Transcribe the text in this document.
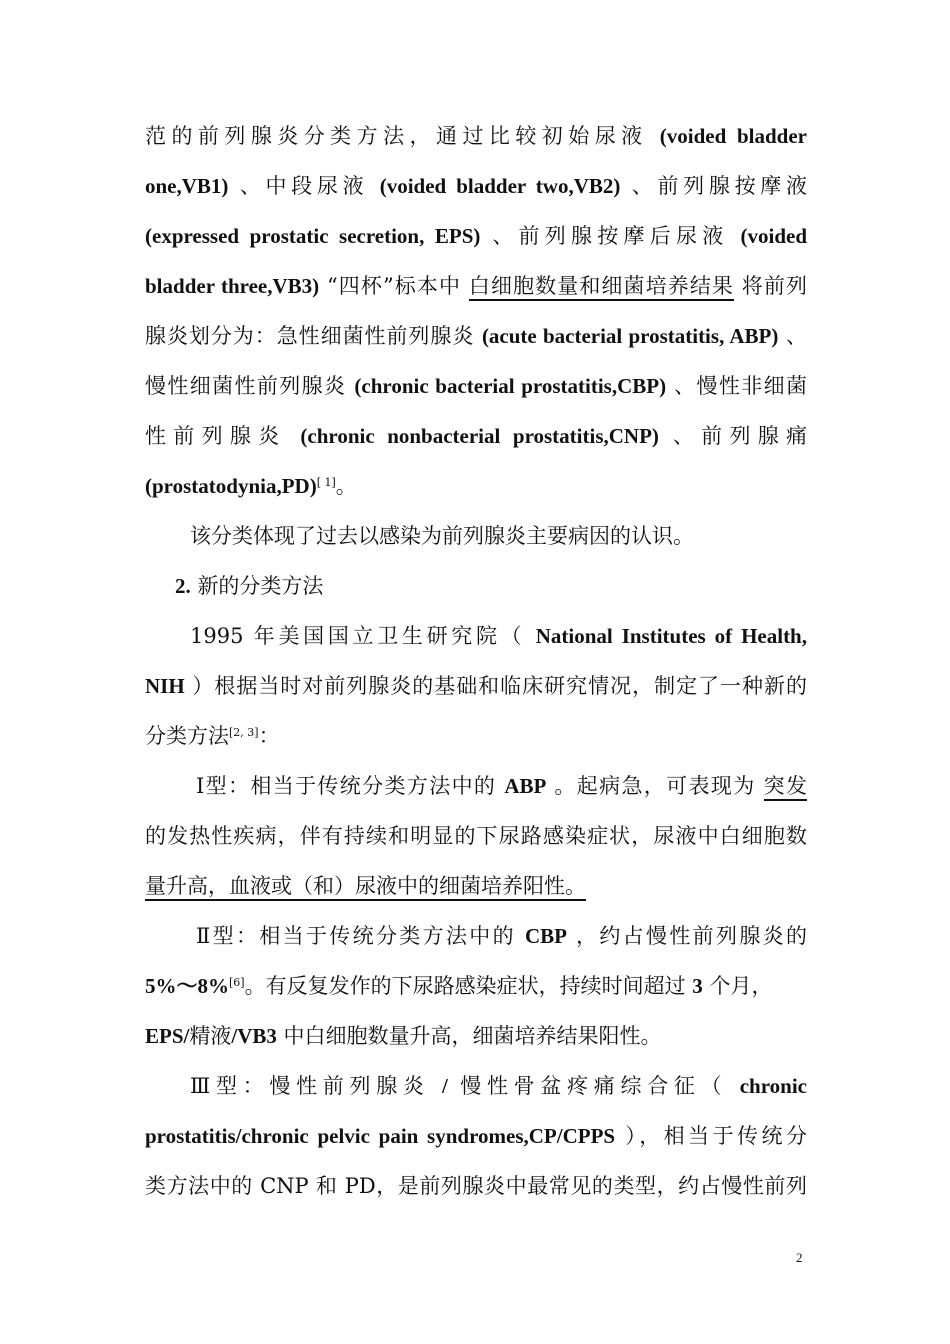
范的前列腺炎分类方法，通过比较初始尿液 (voided bladder
one,VB1) 、中段尿液 (voided bladder two,VB2) 、前列腺按摩液
(expressed prostatic secretion, EPS) 、前列腺按摩后尿液 (voided
bladder three,VB3) “四杯”标本中 白细胞数量和细菌培养结果 将前列
腺炎划分为：急性细菌性前列腺炎 (acute bacterial prostatitis, ABP) 、
慢性细菌性前列腺炎 (chronic bacterial prostatitis,CBP) 、慢性非细菌
性前列腺炎 (chronic nonbacterial prostatitis,CNP) 、前列腺痛
(prostatodynia,PD)[ 1]。
该分类体现了过去以感染为前列腺炎主要病因的认识。
2. 新的分类方法
1995 年美国国立卫生研究院（ National Institutes of Health,
NIH ）根据当时对前列腺炎的基础和临床研究情况，制定了一种新的
分类方法[2, 3]：
Ⅰ型：相当于传统分类方法中的 ABP 。起病急，可表现为 突发
的发热性疾病，伴有持续和明显的下尿路感染症状，尿液中白细胞数
量升高，血液或（和）尿液中的细菌培养阳性。
Ⅱ型：相当于传统分类方法中的 CBP ，约占慢性前列腺炎的
5%～8%[6]。有反复发作的下尿路感染症状，持续时间超过 3 个月，
EPS/精液/VB3 中白细胞数量升高，细菌培养结果阳性。
Ⅲ型：慢性前列腺炎 / 慢性骨盆疼痛综合征（ chronic
prostatitis/chronic pelvic pain syndromes,CP/CPPS ），相当于传统分
类方法中的 CNP 和 PD，是前列腺炎中最常见的类型，约占慢性前列
2
